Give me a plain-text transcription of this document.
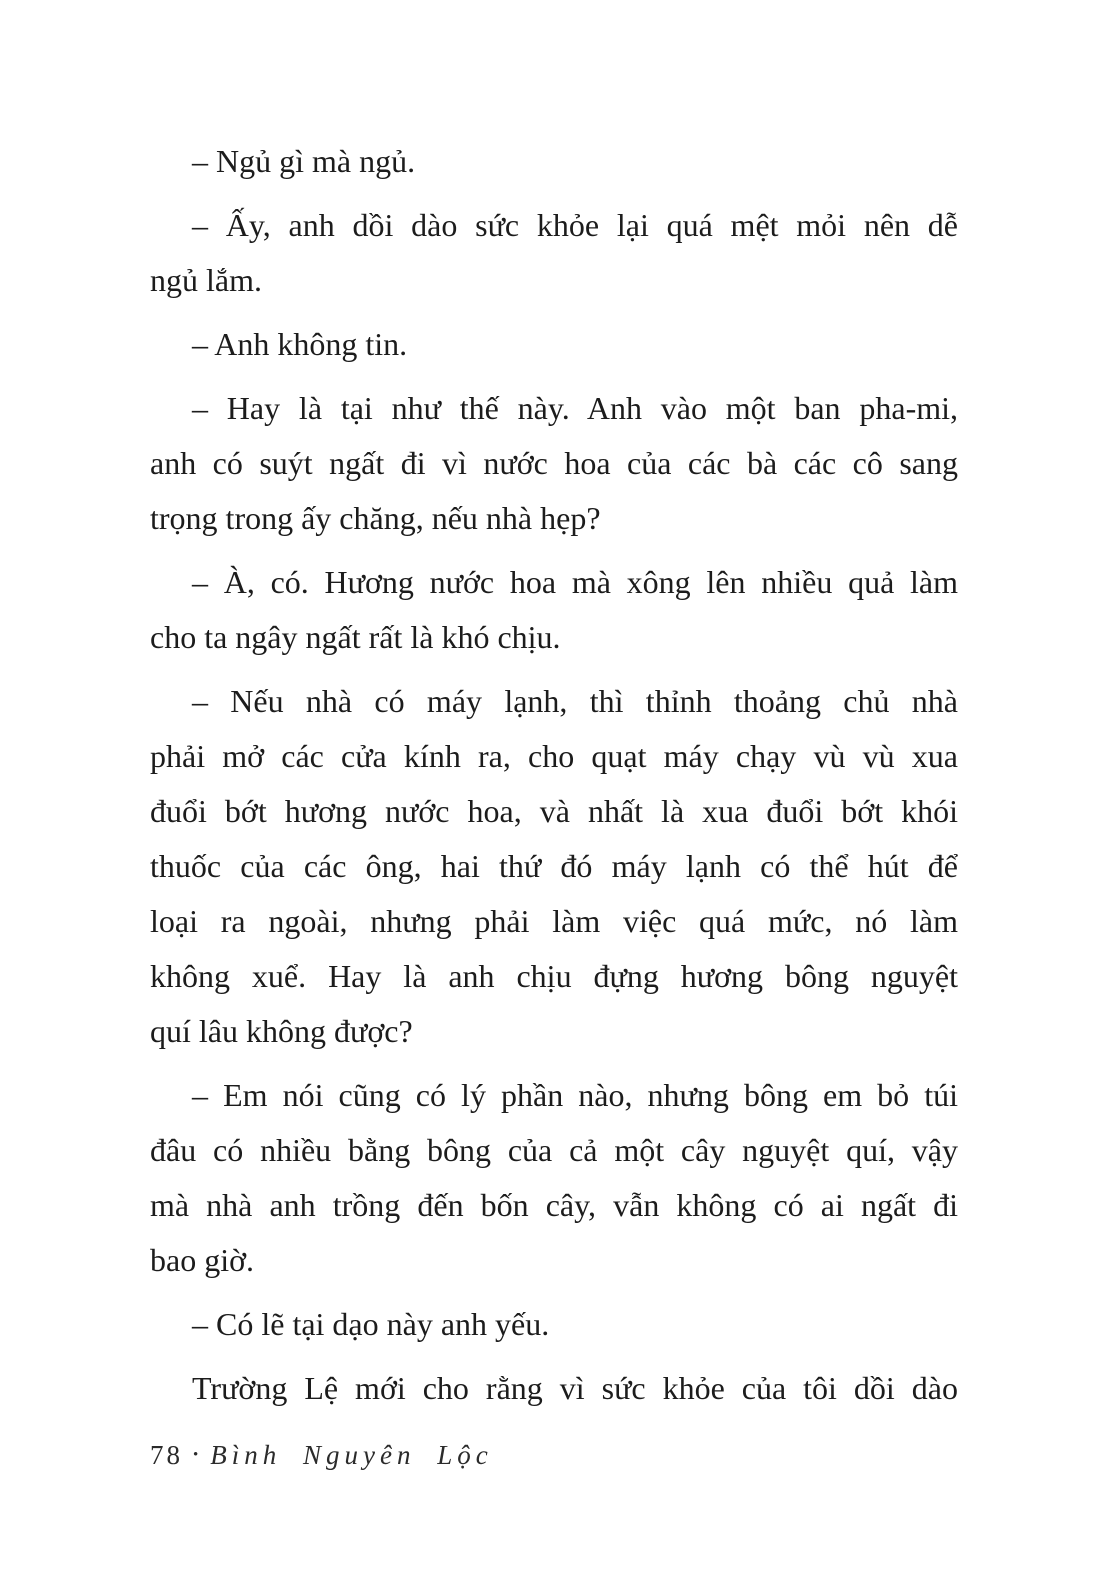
– Ngủ gì mà ngủ.
– Ấy, anh dồi dào sức khỏe lại quá mệt mỏi nên dễ
ngủ lắm.
– Anh không tin.
– Hay là tại như thế này. Anh vào một ban pha-mi,
anh có suýt ngất đi vì nước hoa của các bà các cô sang
trọng trong ấy chăng, nếu nhà hẹp?
– À, có. Hương nước hoa mà xông lên nhiều quả làm
cho ta ngây ngất rất là khó chịu.
– Nếu nhà có máy lạnh, thì thỉnh thoảng chủ nhà
phải mở các cửa kính ra, cho quạt máy chạy vù vù xua
đuổi bớt hương nước hoa, và nhất là xua đuổi bớt khói
thuốc của các ông, hai thứ đó máy lạnh có thể hút để
loại ra ngoài, nhưng phải làm việc quá mức, nó làm
không xuể. Hay là anh chịu đựng hương bông nguyệt
quí lâu không được?
– Em nói cũng có lý phần nào, nhưng bông em bỏ túi
đâu có nhiều bằng bông của cả một cây nguyệt quí, vậy
mà nhà anh trồng đến bốn cây, vẫn không có ai ngất đi
bao giờ.
– Có lẽ tại dạo này anh yếu.
Trường Lệ mới cho rằng vì sức khỏe của tôi dồi dào
78 • Bình Nguyên Lộc
